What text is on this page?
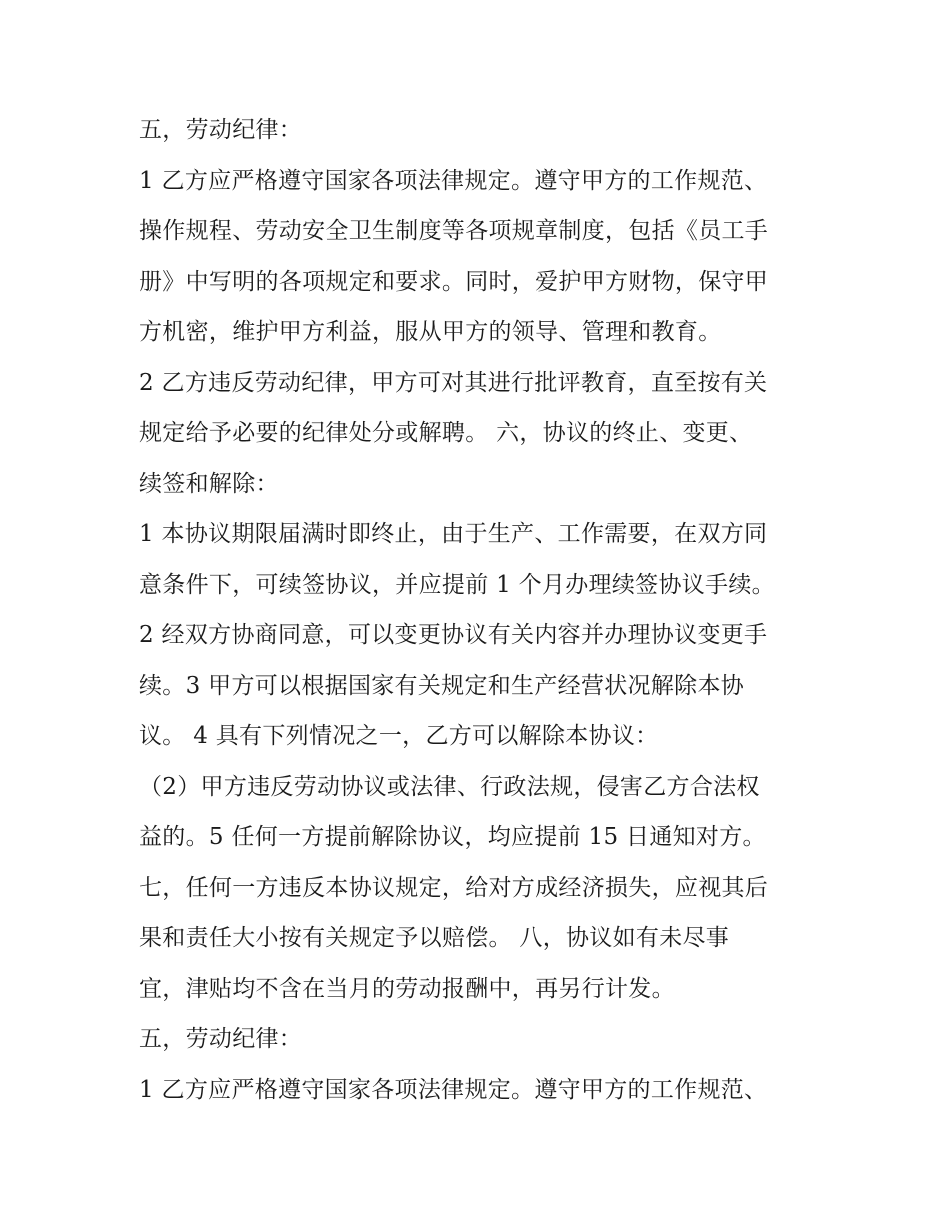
五，劳动纪律：
1 乙方应严格遵守国家各项法律规定。遵守甲方的工作规范、
操作规程、劳动安全卫生制度等各项规章制度，包括《员工手
册》中写明的各项规定和要求。同时，爱护甲方财物，保守甲
方机密，维护甲方利益，服从甲方的领导、管理和教育。
2 乙方违反劳动纪律，甲方可对其进行批评教育，直至按有关
规定给予必要的纪律处分或解聘。 六，协议的终止、变更、
续签和解除：
1 本协议期限届满时即终止，由于生产、工作需要，在双方同
意条件下，可续签协议，并应提前 1 个月办理续签协议手续。
2 经双方协商同意，可以变更协议有关内容并办理协议变更手
续。3 甲方可以根据国家有关规定和生产经营状况解除本协
议。 4 具有下列情况之一，乙方可以解除本协议：
（2）甲方违反劳动协议或法律、行政法规，侵害乙方合法权
益的。5 任何一方提前解除协议，均应提前 15 日通知对方。
七，任何一方违反本协议规定，给对方成经济损失，应视其后
果和责任大小按有关规定予以赔偿。 八，协议如有未尽事
宜，津贴均不含在当月的劳动报酬中，再另行计发。
五，劳动纪律：
1 乙方应严格遵守国家各项法律规定。遵守甲方的工作规范、
